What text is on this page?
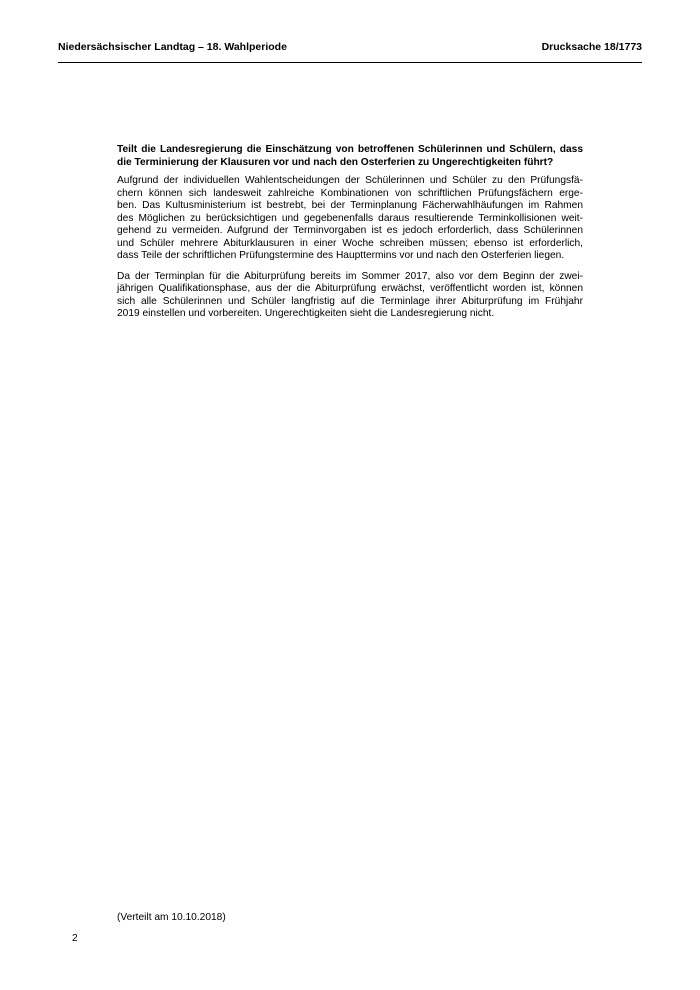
Niedersächsischer Landtag – 18. Wahlperiode	Drucksache 18/1773
Teilt die Landesregierung die Einschätzung von betroffenen Schülerinnen und Schülern, dass die Terminierung der Klausuren vor und nach den Osterferien zu Ungerechtigkeiten führt?
Aufgrund der individuellen Wahlentscheidungen der Schülerinnen und Schüler zu den Prüfungsfä-
chern können sich landesweit zahlreiche Kombinationen von schriftlichen Prüfungsfächern erge-
ben. Das Kultusministerium ist bestrebt, bei der Terminplanung Fächerwahlhäufungen im Rahmen
des Möglichen zu berücksichtigen und gegebenenfalls daraus resultierende Terminkollisionen weit-
gehend zu vermeiden. Aufgrund der Terminvorgaben ist es jedoch erforderlich, dass Schülerinnen
und Schüler mehrere Abiturklausuren in einer Woche schreiben müssen; ebenso ist erforderlich,
dass Teile der schriftlichen Prüfungstermine des Haupttermins vor und nach den Osterferien liegen.
Da der Terminplan für die Abiturprüfung bereits im Sommer 2017, also vor dem Beginn der zwei-
jährigen Qualifikationsphase, aus der die Abiturprüfung erwächst, veröffentlicht worden ist, können
sich alle Schülerinnen und Schüler langfristig auf die Terminlage ihrer Abiturprüfung im Frühjahr
2019 einstellen und vorbereiten. Ungerechtigkeiten sieht die Landesregierung nicht.
(Verteilt am 10.10.2018)
2
